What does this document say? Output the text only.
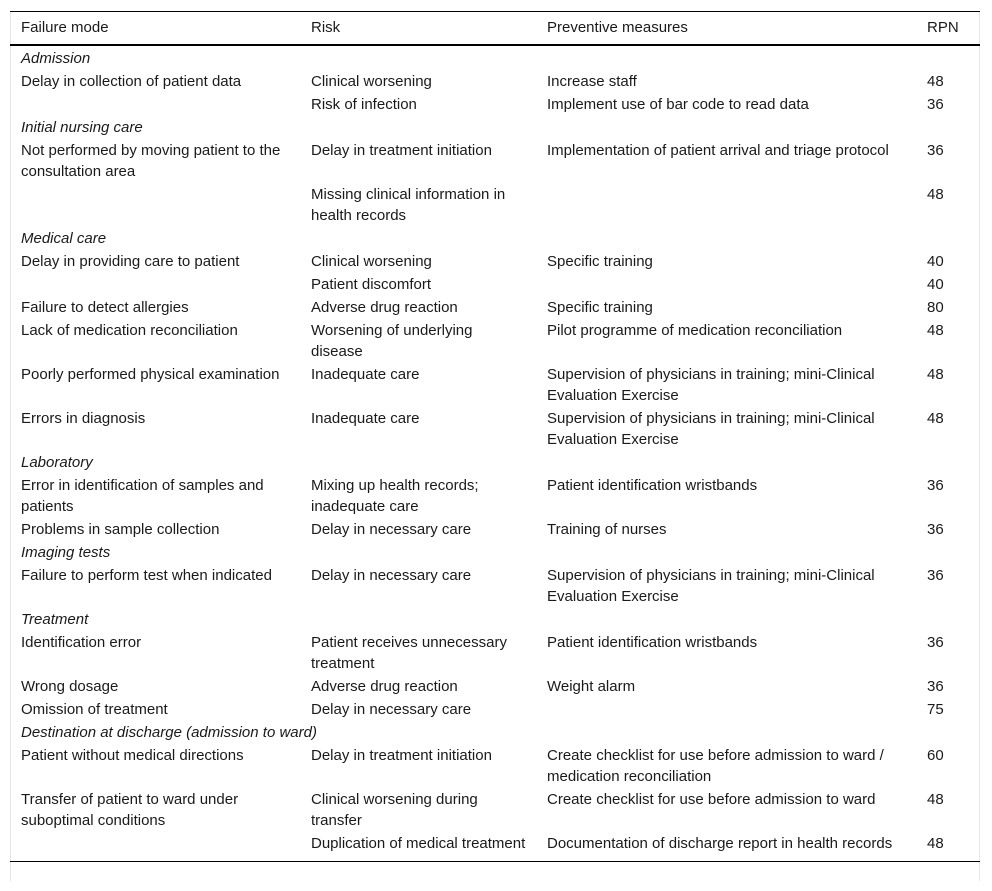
Failure mode	Risk	Preventive measures	RPN
Admission			
Delay in collection of patient data	Clinical worsening	Increase staff	48
	Risk of infection	Implement use of bar code to read data	36
Initial nursing care			
Not performed by moving patient to the consultation area	Delay in treatment initiation	Implementation of patient arrival and triage protocol	36
	Missing clinical information in health records		48
Medical care			
Delay in providing care to patient	Clinical worsening	Specific training	40
	Patient discomfort		40
Failure to detect allergies	Adverse drug reaction	Specific training	80
Lack of medication reconciliation	Worsening of underlying disease	Pilot programme of medication reconciliation	48
Poorly performed physical examination	Inadequate care	Supervision of physicians in training; mini-Clinical Evaluation Exercise	48
Errors in diagnosis	Inadequate care	Supervision of physicians in training; mini-Clinical Evaluation Exercise	48
Laboratory			
Error in identification of samples and patients	Mixing up health records; inadequate care	Patient identification wristbands	36
Problems in sample collection	Delay in necessary care	Training of nurses	36
Imaging tests			
Failure to perform test when indicated	Delay in necessary care	Supervision of physicians in training; mini-Clinical Evaluation Exercise	36
Treatment			
Identification error	Patient receives unnecessary treatment	Patient identification wristbands	36
Wrong dosage	Adverse drug reaction	Weight alarm	36
Omission of treatment	Delay in necessary care		75
Destination at discharge (admission to ward)			
Patient without medical directions	Delay in treatment initiation	Create checklist for use before admission to ward / medication reconciliation	60
Transfer of patient to ward under suboptimal conditions	Clinical worsening during transfer	Create checklist for use before admission to ward	48
	Duplication of medical treatment	Documentation of discharge report in health records	48
